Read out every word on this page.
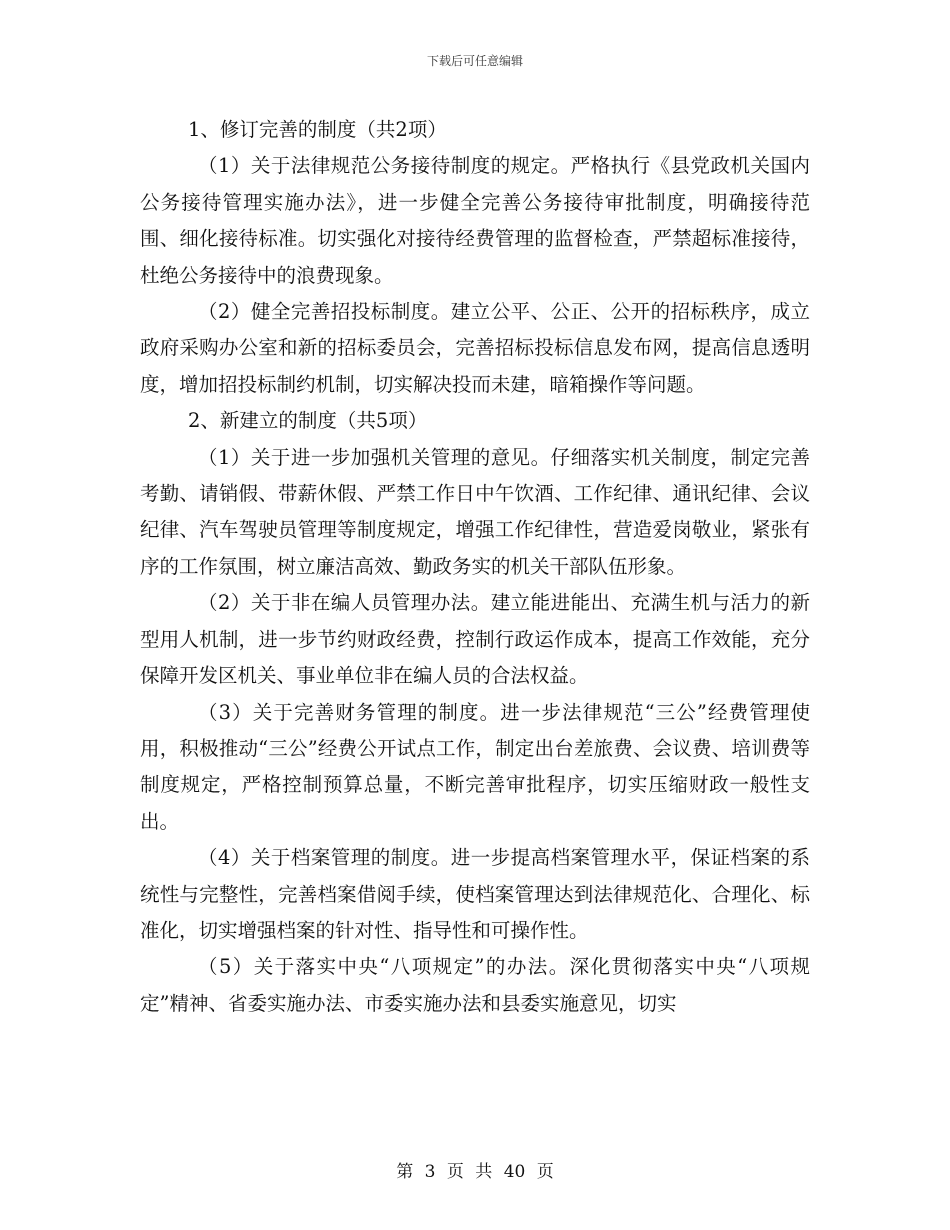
下载后可任意编辑

1、修订完善的制度（共2项）

（1）关于法律规范公务接待制度的规定。严格执行《县党政机关国内公务接待管理实施办法》，进一步健全完善公务接待审批制度，明确接待范围、细化接待标准。切实强化对接待经费管理的监督检查，严禁超标准接待，杜绝公务接待中的浪费现象。

（2）健全完善招投标制度。建立公平、公正、公开的招标秩序，成立政府采购办公室和新的招标委员会，完善招标投标信息发布网，提高信息透明度，增加招投标制约机制，切实解决投而未建，暗箱操作等问题。

2、新建立的制度（共5项）

（1）关于进一步加强机关管理的意见。仔细落实机关制度，制定完善考勤、请销假、带薪休假、严禁工作日中午饮酒、工作纪律、通讯纪律、会议纪律、汽车驾驶员管理等制度规定，增强工作纪律性，营造爱岗敬业，紧张有序的工作氛围，树立廉洁高效、勤政务实的机关干部队伍形象。

（2）关于非在编人员管理办法。建立能进能出、充满生机与活力的新型用人机制，进一步节约财政经费，控制行政运作成本，提高工作效能，充分保障开发区机关、事业单位非在编人员的合法权益。

（3）关于完善财务管理的制度。进一步法律规范“三公”经费管理使用，积极推动“三公”经费公开试点工作，制定出台差旅费、会议费、培训费等制度规定，严格控制预算总量，不断完善审批程序，切实压缩财政一般性支出。

（4）关于档案管理的制度。进一步提高档案管理水平，保证档案的系统性与完整性，完善档案借阅手续，使档案管理达到法律规范化、合理化、标准化，切实增强档案的针对性、指导性和可操作性。

（5）关于落实中央“八项规定”的办法。深化贯彻落实中央“八项规定”精神、省委实施办法、市委实施办法和县委实施意见，切实

第 3 页 共 40 页
